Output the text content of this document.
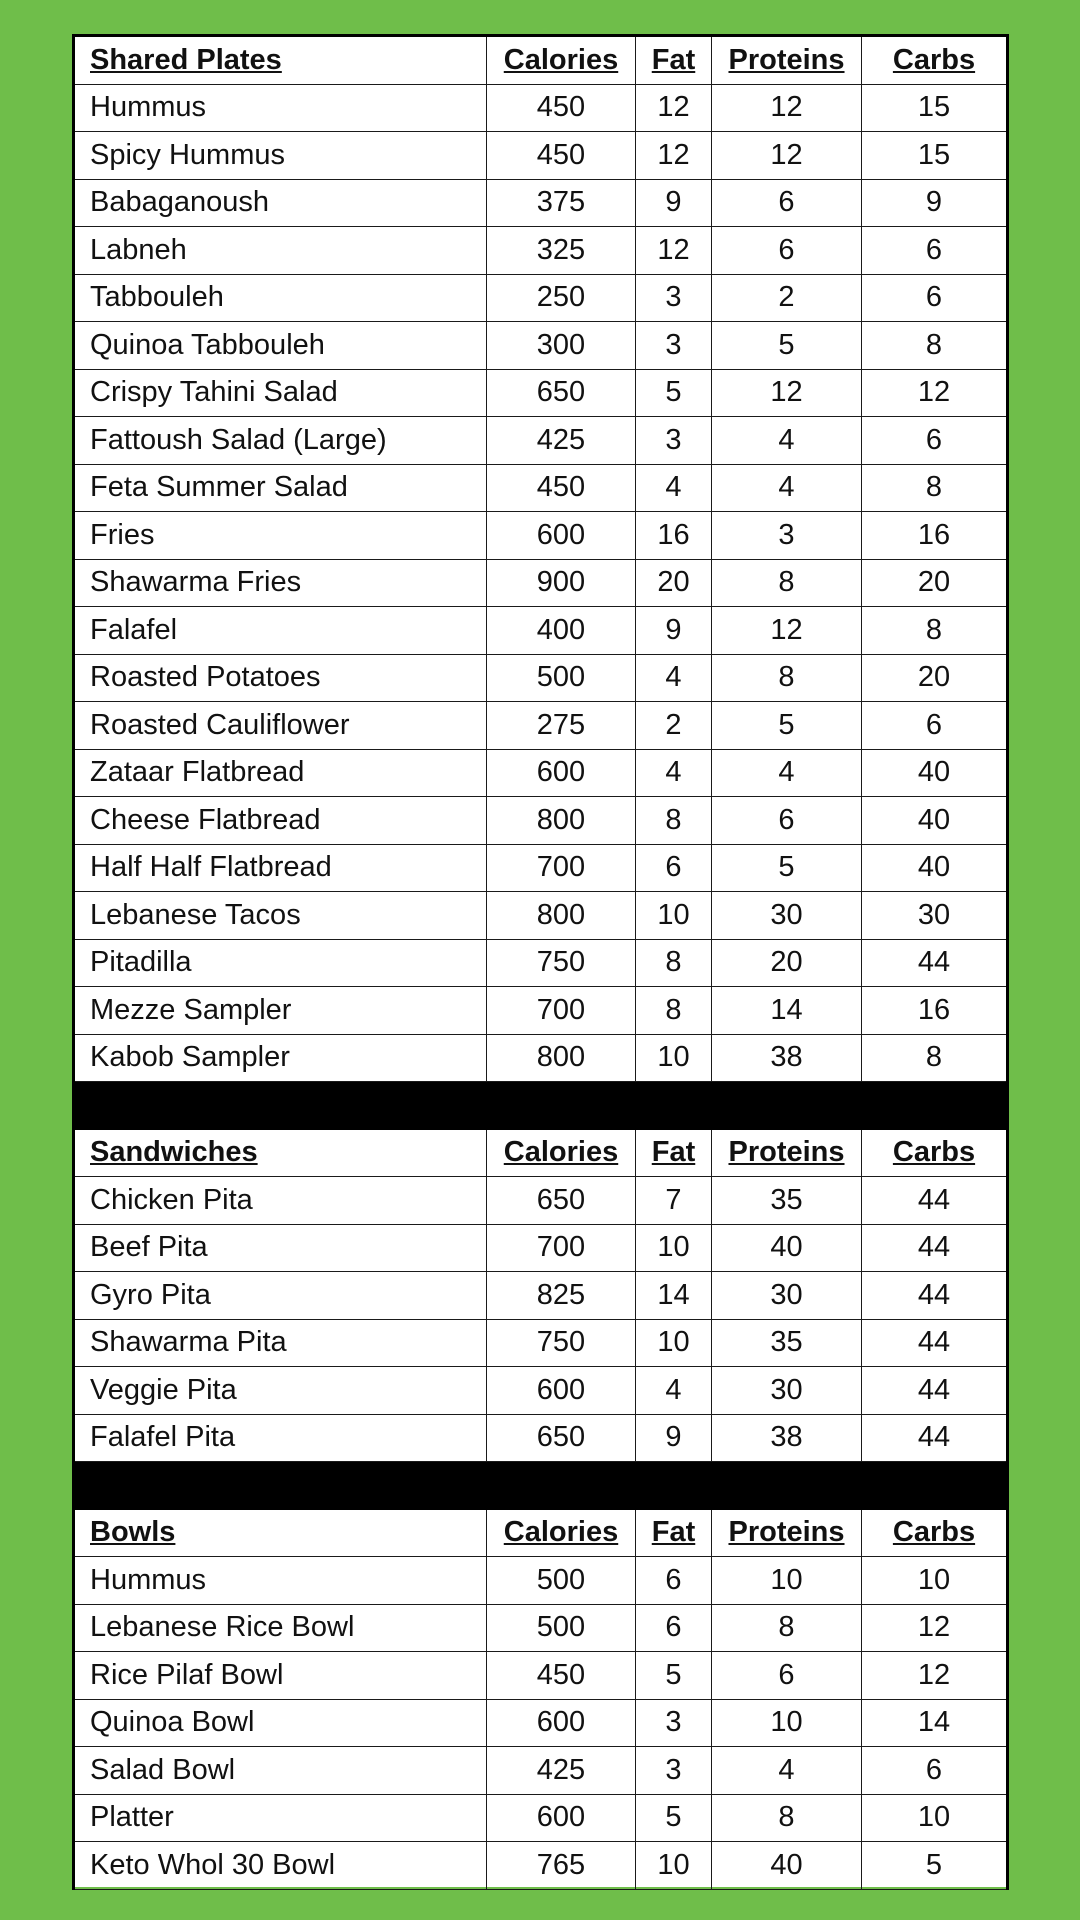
Shared Plates	Calories	Fat	Proteins	Carbs
Hummus	450	12	12	15
Spicy Hummus	450	12	12	15
Babaganoush	375	9	6	9
Labneh	325	12	6	6
Tabbouleh	250	3	2	6
Quinoa Tabbouleh	300	3	5	8
Crispy Tahini Salad	650	5	12	12
Fattoush Salad (Large)	425	3	4	6
Feta Summer Salad	450	4	4	8
Fries	600	16	3	16
Shawarma Fries	900	20	8	20
Falafel	400	9	12	8
Roasted Potatoes	500	4	8	20
Roasted Cauliflower	275	2	5	6
Zataar Flatbread	600	4	4	40
Cheese Flatbread	800	8	6	40
Half Half Flatbread	700	6	5	40
Lebanese Tacos	800	10	30	30
Pitadilla	750	8	20	44
Mezze Sampler	700	8	14	16
Kabob Sampler	800	10	38	8

Sandwiches	Calories	Fat	Proteins	Carbs
Chicken Pita	650	7	35	44
Beef Pita	700	10	40	44
Gyro Pita	825	14	30	44
Shawarma Pita	750	10	35	44
Veggie Pita	600	4	30	44
Falafel Pita	650	9	38	44

Bowls	Calories	Fat	Proteins	Carbs
Hummus	500	6	10	10
Lebanese Rice Bowl	500	6	8	12
Rice Pilaf Bowl	450	5	6	12
Quinoa Bowl	600	3	10	14
Salad Bowl	425	3	4	6
Platter	600	5	8	10
Keto Whol 30 Bowl	765	10	40	5
